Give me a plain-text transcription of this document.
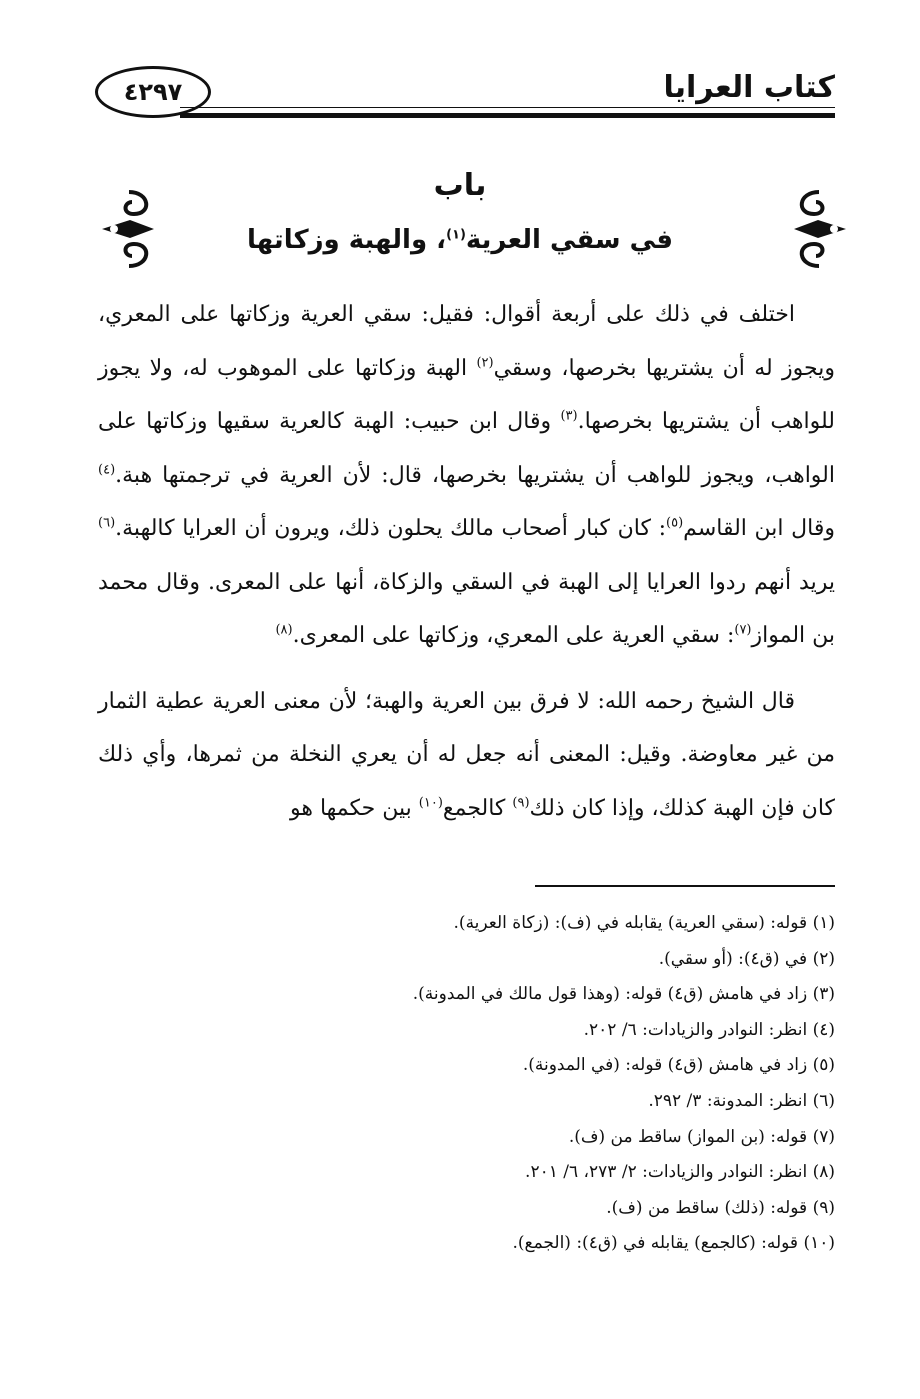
كتاب العرايا
٤٢٩٧
باب
في سقي العرية$^{(١)}$، والهبة وزكاتها

اختلف في ذلك على أربعة أقوال: فقيل: سقي العرية وزكاتها على المعري، ويجوز له أن يشتريها بخرصها، وسقي$^{(٢)}$ الهبة وزكاتها على الموهوب له، ولا يجوز للواهب أن يشتريها بخرصها.$^{(٣)}$ وقال ابن حبيب: الهبة كالعرية سقيها وزكاتها على الواهب، ويجوز للواهب أن يشتريها بخرصها، قال: لأن العرية في ترجمتها هبة.$^{(٤)}$ وقال ابن القاسم$^{(٥)}$: كان كبار أصحاب مالك يحلون ذلك، ويرون أن العرايا كالهبة.$^{(٦)}$ يريد أنهم ردوا العرايا إلى الهبة في السقي والزكاة، أنها على المعرى. وقال محمد بن المواز$^{(٧)}$: سقي العرية على المعري، وزكاتها على المعرى.$^{(٨)}$

قال الشيخ رحمه الله: لا فرق بين العرية والهبة؛ لأن معنى العرية عطية الثمار من غير معاوضة. وقيل: المعنى أنه جعل له أن يعري النخلة من ثمرها، وأي ذلك كان فإن الهبة كذلك، وإذا كان ذلك$^{(٩)}$ كالجمع$^{(١٠)}$ بين حكمها هو

(١) قوله: (سقي العرية) يقابله في (ف): (زكاة العرية).
(٢) في (ق٤): (أو سقي).
(٣) زاد في هامش (ق٤) قوله: (وهذا قول مالك في المدونة).
(٤) انظر: النوادر والزيادات: ٦/ ٢٠٢.
(٥) زاد في هامش (ق٤) قوله: (في المدونة).
(٦) انظر: المدونة: ٣/ ٢٩٢.
(٧) قوله: (بن المواز) ساقط من (ف).
(٨) انظر: النوادر والزيادات: ٢/ ٢٧٣، ٦/ ٢٠١.
(٩) قوله: (ذلك) ساقط من (ف).
(١٠) قوله: (كالجمع) يقابله في (ق٤): (الجمع).
